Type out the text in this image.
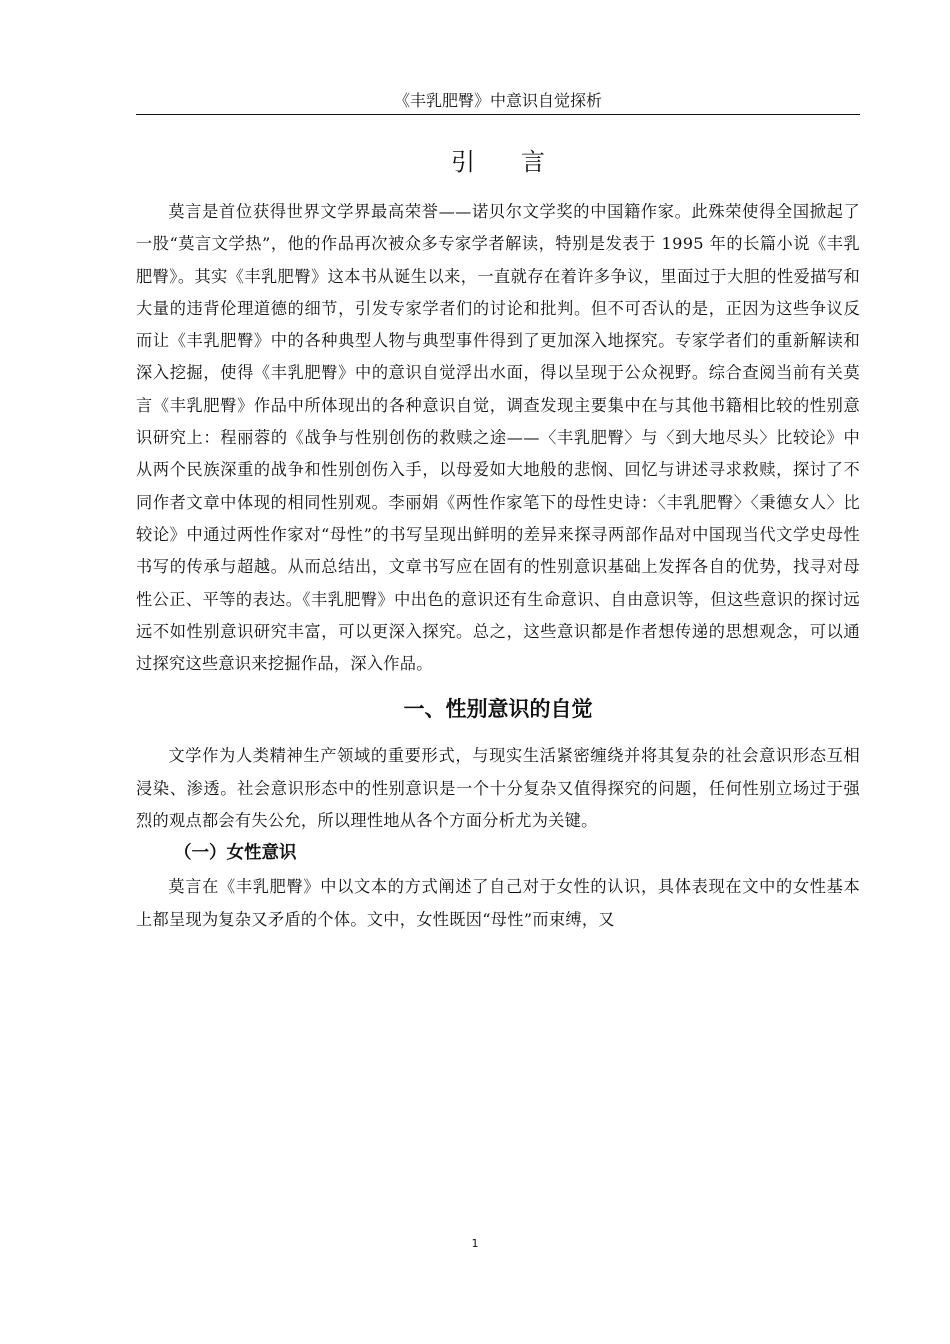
《丰乳肥臀》中意识自觉探析
引言

莫言是首位获得世界文学界最高荣誉——诺贝尔文学奖的中国籍作家。此殊荣使得全国掀起了一股“莫言文学热”，他的作品再次被众多专家学者解读，特别是发表于 1995 年的长篇小说《丰乳肥臀》。其实《丰乳肥臀》这本书从诞生以来，一直就存在着许多争议，里面过于大胆的性爱描写和大量的违背伦理道德的细节，引发专家学者们的讨论和批判。但不可否认的是，正因为这些争议反而让《丰乳肥臀》中的各种典型人物与典型事件得到了更加深入地探究。专家学者们的重新解读和深入挖掘，使得《丰乳肥臀》中的意识自觉浮出水面，得以呈现于公众视野。综合查阅当前有关莫言《丰乳肥臀》作品中所体现出的各种意识自觉，调查发现主要集中在与其他书籍相比较的性别意识研究上：程丽蓉的《战争与性别创伤的救赎之途——〈丰乳肥臀〉与〈到大地尽头〉比较论》中从两个民族深重的战争和性别创伤入手，以母爱如大地般的悲悯、回忆与讲述寻求救赎，探讨了不同作者文章中体现的相同性别观。李丽娟《两性作家笔下的母性史诗：〈丰乳肥臀〉〈秉德女人〉比较论》中通过两性作家对“母性”的书写呈现出鲜明的差异来探寻两部作品对中国现当代文学史母性书写的传承与超越。从而总结出，文章书写应在固有的性别意识基础上发挥各自的优势，找寻对母性公正、平等的表达。《丰乳肥臀》中出色的意识还有生命意识、自由意识等，但这些意识的探讨远远不如性别意识研究丰富，可以更深入探究。总之，这些意识都是作者想传递的思想观念，可以通过探究这些意识来挖掘作品，深入作品。

一、性别意识的自觉

文学作为人类精神生产领域的重要形式，与现实生活紧密缠绕并将其复杂的社会意识形态互相浸染、渗透。社会意识形态中的性别意识是一个十分复杂又值得探究的问题，任何性别立场过于强烈的观点都会有失公允，所以理性地从各个方面分析尤为关键。

（一）女性意识

莫言在《丰乳肥臀》中以文本的方式阐述了自己对于女性的认识，具体表现在文中的女性基本上都呈现为复杂又矛盾的个体。文中，女性既因“母性”而束缚，又

1
